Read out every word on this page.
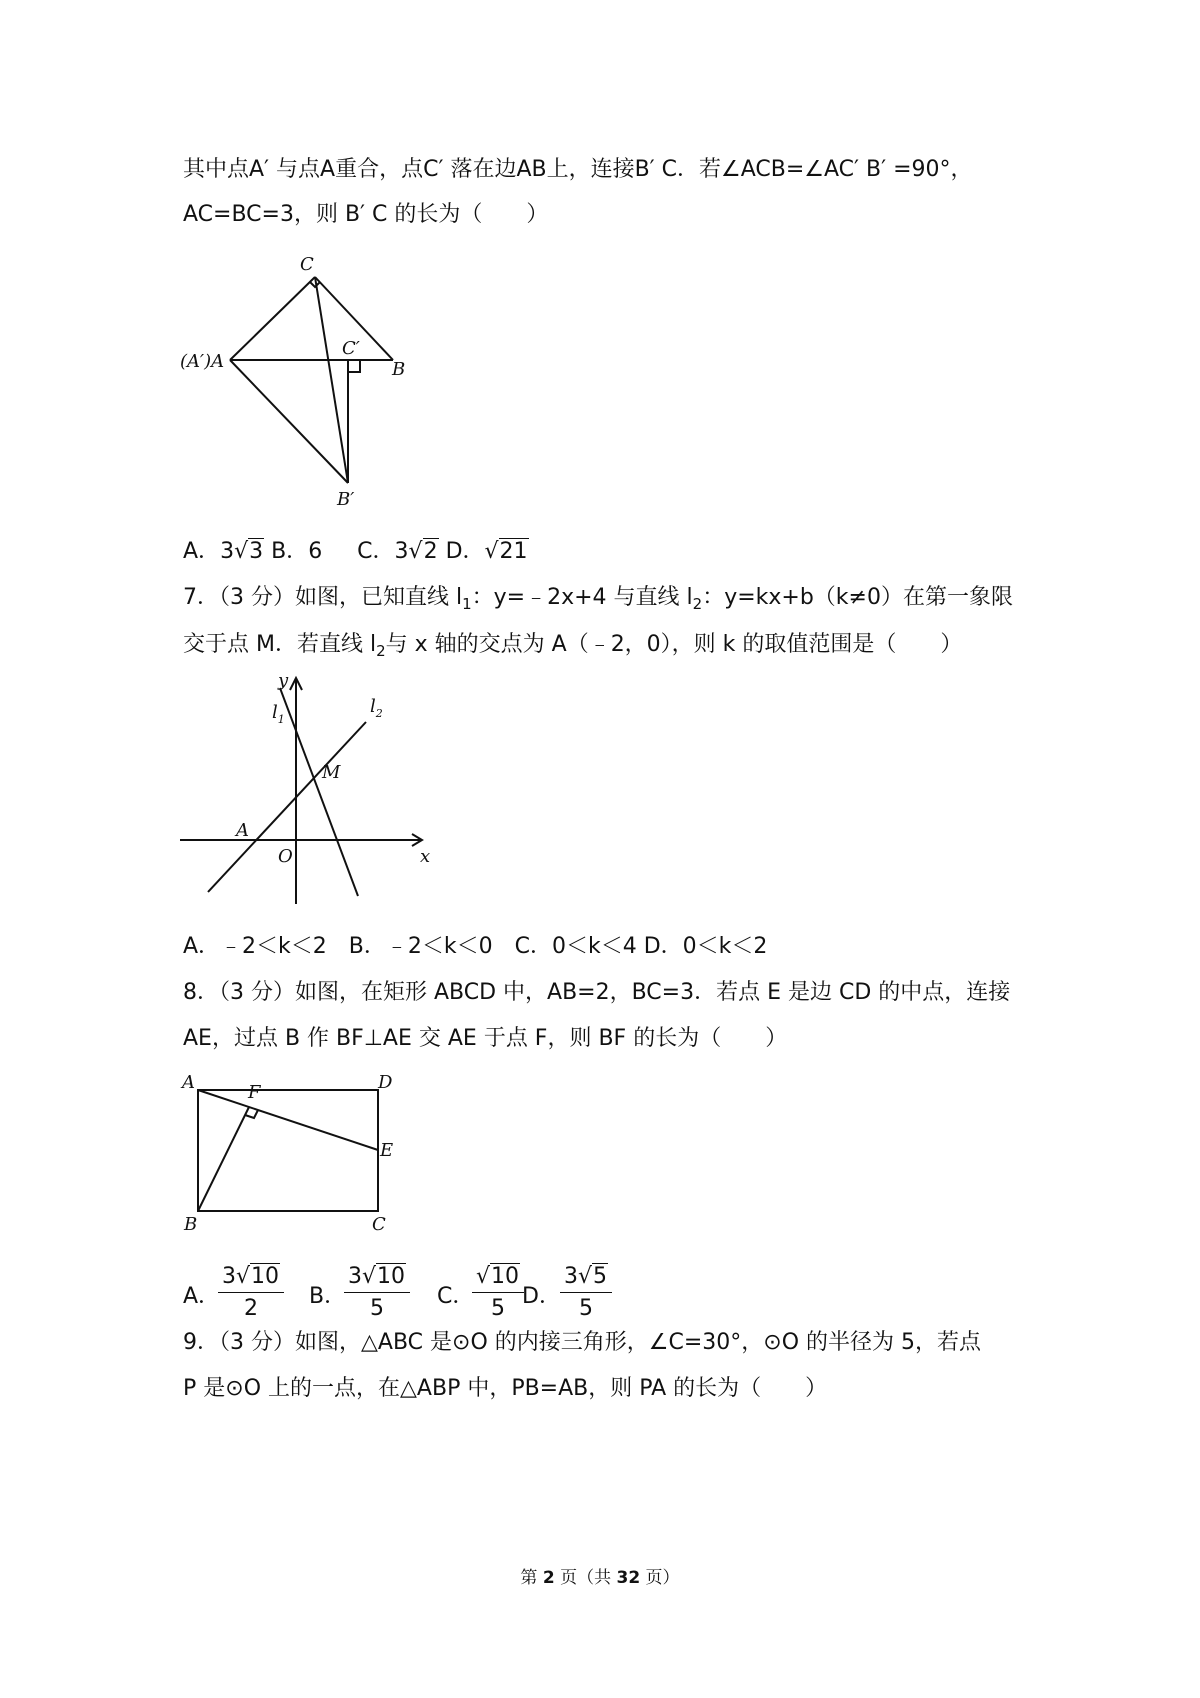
其中点A′ 与点A重合，点C′ 落在边AB上，连接B′ C．若∠ACB=∠AC′ B′ =90°，
AC=BC=3，则 B′ C 的长为（　　）
C
(A′)A
C′
B
B′
A．3√3 B．6 C．3√2 D．√21
7．（3 分）如图，已知直线 $l_1$：y=﹣2x+4 与直线 $l_2$：y=kx+b（k≠0）在第一象限
交于点 M．若直线 $l_2$与 x 轴的交点为 A（﹣2，0），则 k 的取值范围是（　　）
y
x
O
A
M
$l_1$
$l_2$
A．﹣2＜k＜2　B．﹣2＜k＜0　C．0＜k＜4 D．0＜k＜2
8．（3 分）如图，在矩形 ABCD 中，AB=2，BC=3．若点 E 是边 CD 的中点，连接
AE，过点 B 作 BF⊥AE 交 AE 于点 F，则 BF 的长为（　　）
A	D
F
E
B	C
A．
$\frac{3√10}{2}$ B．
$\frac{3√10}{5}$ C．
$\frac{√10}{5}$
D． $\frac{3√5}{5}$
9．（3 分）如图，△ABC 是⊙O 的内接三角形，∠C=30°，⊙O 的半径为 5，若点
P 是⊙O 上的一点，在△ABP 中，PB=AB，则 PA 的长为（　　）
第 2 页（共 32 页）
